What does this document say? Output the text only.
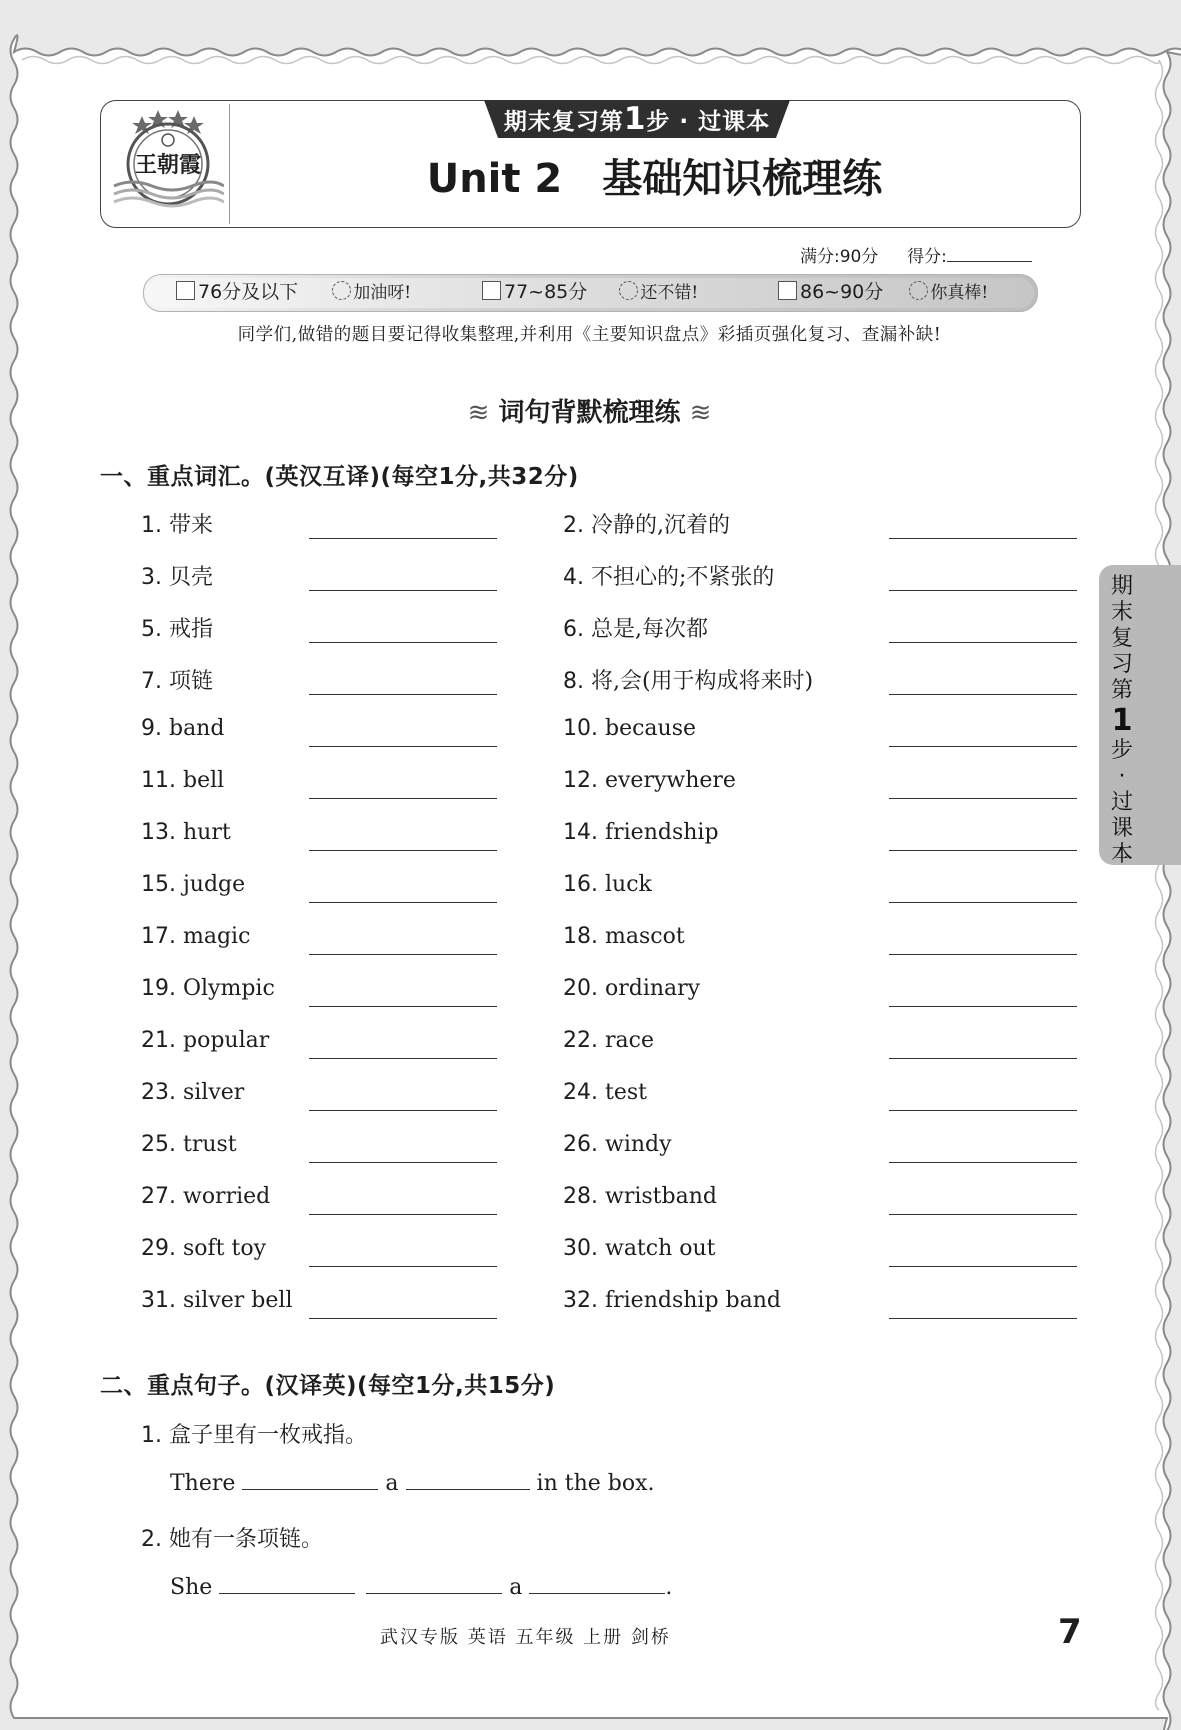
王朝霞
期末复习第1步 · 过课本
Unit 2 基础知识梳理练
满分:90分 得分:
76分及以下	加油呀!	77~85分	还不错!	86~90分	你真棒!
同学们,做错的题目要记得收集整理,并利用《主要知识盘点》彩插页强化复习、查漏补缺!
≋ 词句背默梳理练 ≋
一、重点词汇。(英汉互译)(每空1分,共32分)
1. 带来	2. 冷静的,沉着的
3. 贝壳	4. 不担心的;不紧张的
5. 戒指	6. 总是,每次都
7. 项链	8. 将,会(用于构成将来时)
9. band	10. because
11. bell	12. everywhere
13. hurt	14. friendship
15. judge	16. luck
17. magic	18. mascot
19. Olympic	20. ordinary
21. popular	22. race
23. silver	24. test
25. trust	26. windy
27. worried	28. wristband
29. soft toy	30. watch out
31. silver bell	32. friendship band
二、重点句子。(汉译英)(每空1分,共15分)
1. 盒子里有一枚戒指。
There	a	in the box.
2. 她有一条项链。
She	a	.
期
末
复
习
第
1
步
·
过
课
本
武汉专版 英语 五年级 上册 剑桥	7
